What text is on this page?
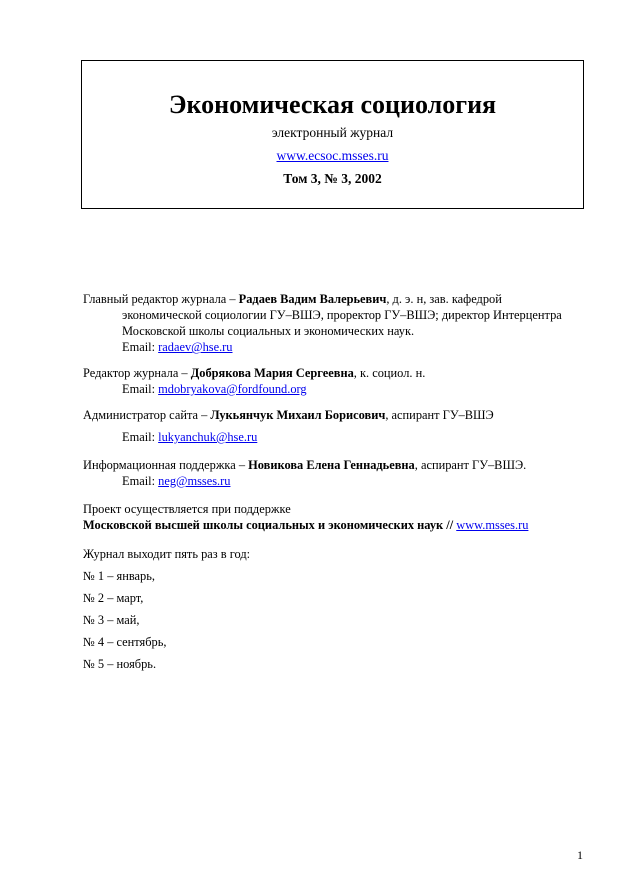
Экономическая социология
электронный журнал
www.ecsoc.msses.ru
Том 3, № 3, 2002
Главный редактор журнала – Радаев Вадим Валерьевич, д. э. н, зав. кафедрой
экономической социологии ГУ–ВШЭ, проректор ГУ–ВШЭ; директор Интерцентра
Московской школы социальных и экономических наук.
Email: radaev@hse.ru
Редактор журнала – Добрякова Мария Сергеевна, к. социол. н.
Email: mdobryakova@fordfound.org
Администратор сайта – Лукьянчук Михаил Борисович, аспирант ГУ–ВШЭ
Email: lukyanchuk@hse.ru
Информационная поддержка – Новикова Елена Геннадьевна, аспирант ГУ–ВШЭ.
Email: neg@msses.ru
Проект осуществляется при поддержке
Московской высшей школы социальных и экономических наук // www.msses.ru
Журнал выходит пять раз в год:
№ 1 – январь,
№ 2 – март,
№ 3 – май,
№ 4 – сентябрь,
№ 5 – ноябрь.
1
